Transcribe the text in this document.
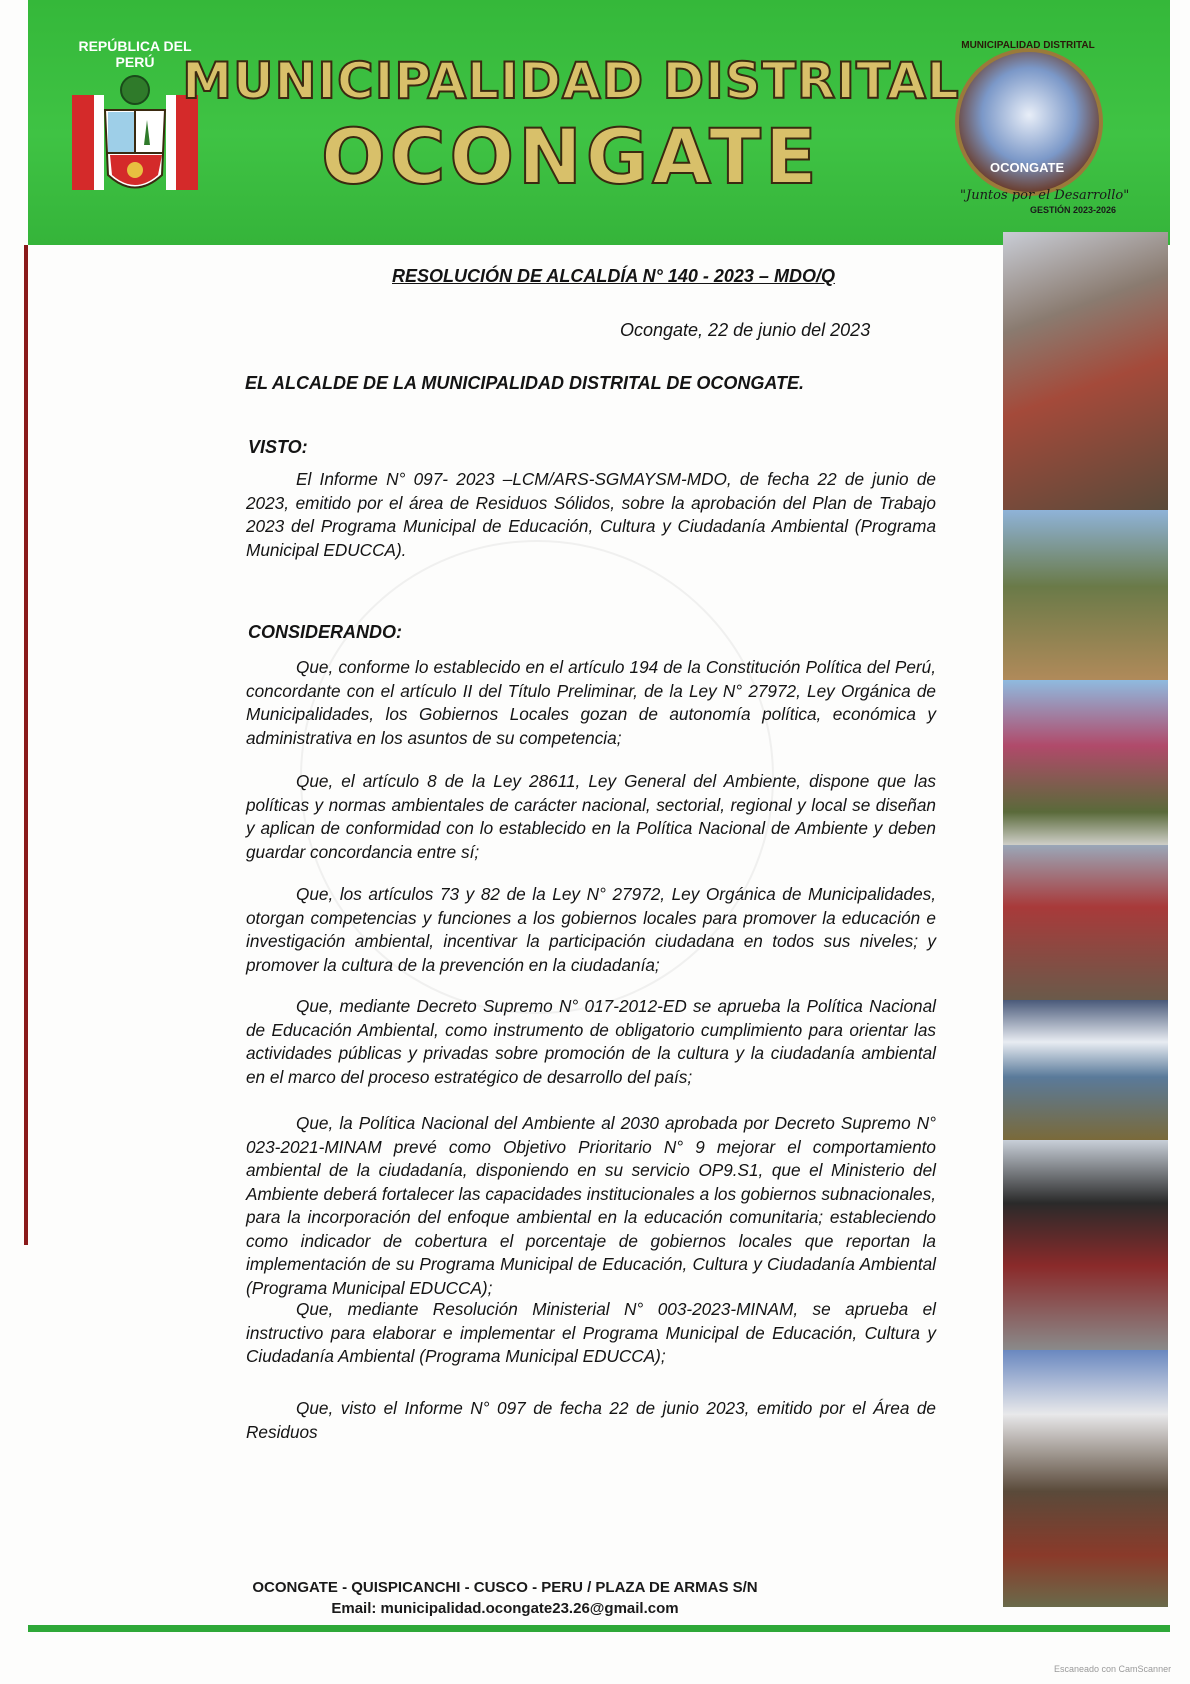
REPÚBLICA DEL PERÚ MUNICIPALIDAD DISTRITAL
OCONGATE
MUNICIPALIDAD DISTRITAL
OCONGATE
"Juntos por el Desarrollo"
GESTIÓN 2023-2026
RESOLUCIÓN DE ALCALDÍA N° 140 - 2023 – MDO/Q
Ocongate, 22 de junio del 2023
EL ALCALDE DE LA MUNICIPALIDAD DISTRITAL DE OCONGATE.
VISTO:
El Informe N° 097- 2023 –LCM/ARS-SGMAYSM-MDO, de fecha 22 de junio de 2023, emitido por el área de Residuos Sólidos, sobre la aprobación del Plan de Trabajo 2023 del Programa Municipal de Educación, Cultura y Ciudadanía Ambiental (Programa Municipal EDUCCA).
CONSIDERANDO:
Que, conforme lo establecido en el artículo 194 de la Constitución Política del Perú, concordante con el artículo II del Título Preliminar, de la Ley N° 27972, Ley Orgánica de Municipalidades, los Gobiernos Locales gozan de autonomía política, económica y administrativa en los asuntos de su competencia;
Que, el artículo 8 de la Ley 28611, Ley General del Ambiente, dispone que las políticas y normas ambientales de carácter nacional, sectorial, regional y local se diseñan y aplican de conformidad con lo establecido en la Política Nacional de Ambiente y deben guardar concordancia entre sí;
Que, los artículos 73 y 82 de la Ley N° 27972, Ley Orgánica de Municipalidades, otorgan competencias y funciones a los gobiernos locales para promover la educación e investigación ambiental, incentivar la participación ciudadana en todos sus niveles; y promover la cultura de la prevención en la ciudadanía;
Que, mediante Decreto Supremo N° 017-2012-ED se aprueba la Política Nacional de Educación Ambiental, como instrumento de obligatorio cumplimiento para orientar las actividades públicas y privadas sobre promoción de la cultura y la ciudadanía ambiental en el marco del proceso estratégico de desarrollo del país;
Que, la Política Nacional del Ambiente al 2030 aprobada por Decreto Supremo N° 023-2021-MINAM prevé como Objetivo Prioritario N° 9 mejorar el comportamiento ambiental de la ciudadanía, disponiendo en su servicio OP9.S1, que el Ministerio del Ambiente deberá fortalecer las capacidades institucionales a los gobiernos subnacionales, para la incorporación del enfoque ambiental en la educación comunitaria; estableciendo como indicador de cobertura el porcentaje de gobiernos locales que reportan la implementación de su Programa Municipal de Educación, Cultura y Ciudadanía Ambiental (Programa Municipal EDUCCA);
Que, mediante Resolución Ministerial N° 003-2023-MINAM, se aprueba el instructivo para elaborar e implementar el Programa Municipal de Educación, Cultura y Ciudadanía Ambiental (Programa Municipal EDUCCA);
Que, visto el Informe N° 097 de fecha 22 de junio 2023, emitido por el Área de Residuos
OCONGATE - QUISPICANCHI - CUSCO - PERU / PLAZA DE ARMAS S/N
Email: municipalidad.ocongate23.26@gmail.com
Escaneado con CamScanner
